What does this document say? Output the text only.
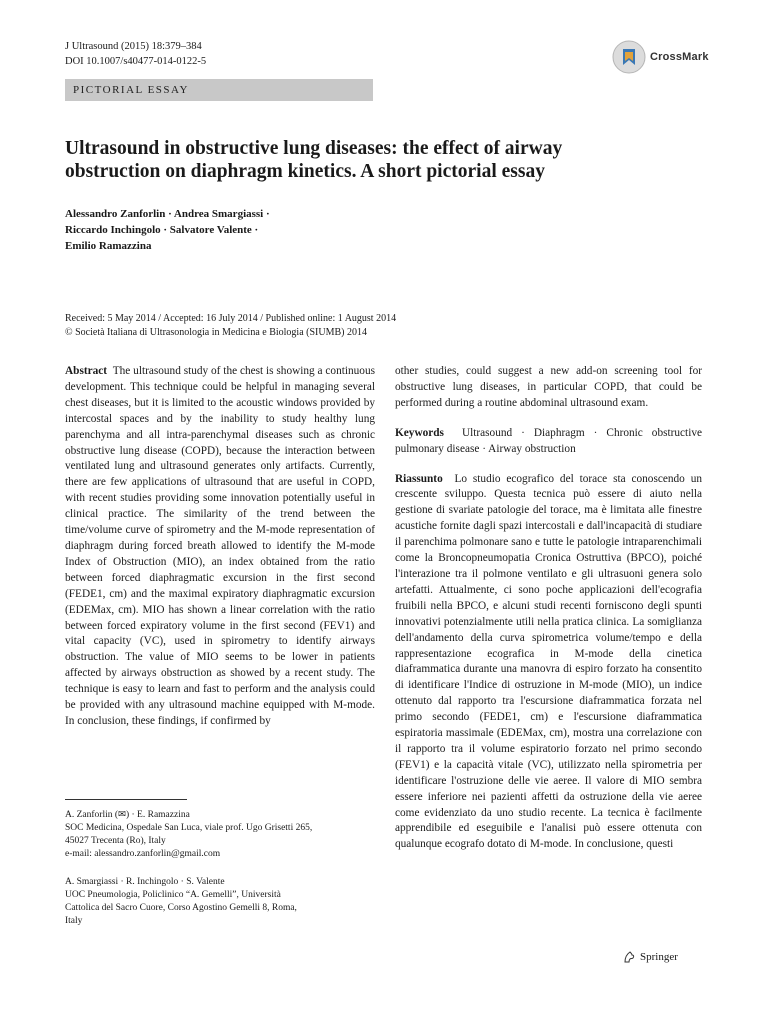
J Ultrasound (2015) 18:379–384
DOI 10.1007/s40477-014-0122-5	CrossMark
PICTORIAL ESSAY
Ultrasound in obstructive lung diseases: the effect of airway
obstruction on diaphragm kinetics. A short pictorial essay
Alessandro Zanforlin · Andrea Smargiassi ·
Riccardo Inchingolo · Salvatore Valente ·
Emilio Ramazzina
Received: 5 May 2014 / Accepted: 16 July 2014 / Published online: 1 August 2014
© Società Italiana di Ultrasonologia in Medicina e Biologia (SIUMB) 2014
Abstract The ultrasound study of the chest is showing a continuous development. This technique could be helpful in managing several chest diseases, but it is limited to the acoustic windows provided by intercostal spaces and by the inability to study healthy lung parenchyma and all intra-parenchymal diseases such as chronic obstructive lung disease (COPD), because the interaction between ventilated lung and ultrasound generates only artifacts. Currently, there are few applications of ultrasound that are useful in COPD, with recent studies providing some innovation potentially useful in clinical practice. The similarity of the trend between the time/volume curve of spirometry and the M-mode representation of diaphragm during forced breath allowed to identify the M-mode Index of Obstruction (MIO), an index obtained from the ratio between forced diaphragmatic excursion in the first second (FEDE1, cm) and the maximal expiratory diaphragmatic excursion (EDEMax, cm). MIO has shown a linear correlation with the ratio between forced expiratory volume in the first second (FEV1) and vital capacity (VC), used in spirometry to identify airways obstruction. The value of MIO seems to be lower in patients affected by airways obstruction as showed by a recent study. The technique is easy to learn and fast to perform and the analysis could be provided with any ultrasound machine equipped with M-mode. In conclusion, these findings, if confirmed by
A. Zanforlin (✉) · E. Ramazzina
SOC Medicina, Ospedale San Luca, viale prof. Ugo Grisetti 265,
45027 Trecenta (Ro), Italy
e-mail: alessandro.zanforlin@gmail.com
A. Smargiassi · R. Inchingolo · S. Valente
UOC Pneumologia, Policlinico “A. Gemelli”, Università
Cattolica del Sacro Cuore, Corso Agostino Gemelli 8, Roma,
Italy
other studies, could suggest a new add-on screening tool for obstructive lung diseases, in particular COPD, that could be performed during a routine abdominal ultrasound exam.
Keywords Ultrasound · Diaphragm · Chronic obstructive pulmonary disease · Airway obstruction
Riassunto Lo studio ecografico del torace sta conoscendo un crescente sviluppo. Questa tecnica può essere di aiuto nella gestione di svariate patologie del torace, ma è limitata alle finestre acustiche fornite dagli spazi intercostali e dall'incapacità di studiare il parenchima polmonare sano e tutte le patologie intraparenchimali come la Broncopneumopatia Cronica Ostruttiva (BPCO), poiché l'interazione tra il polmone ventilato e gli ultrasuoni genera solo artefatti. Attualmente, ci sono poche applicazioni dell'ecografia fruibili nella BPCO, e alcuni studi recenti forniscono degli spunti innovativi potenzialmente utili nella pratica clinica. La somiglianza dell'andamento della curva spirometrica volume/tempo e della rappresentazione ecografica in M-mode della cinetica diaframmatica durante una manovra di espiro forzato ha consentito di identificare l'Indice di ostruzione in M-mode (MIO), un indice ottenuto dal rapporto tra l'escursione diaframmatica forzata nel primo secondo (FEDE1, cm) e l'escursione diaframmatica espiratoria massimale (EDEMax, cm), mostra una correlazione con il rapporto tra il volume espiratorio forzato nel primo secondo (FEV1) e la capacità vitale (VC), utilizzato nella spirometria per identificare l'ostruzione delle vie aeree. Il valore di MIO sembra essere inferiore nei pazienti affetti da ostruzione della vie aeree come evidenziato da uno studio recente. La tecnica è facilmente apprendibile ed eseguibile e l'analisi può essere ottenuta con qualunque ecografo dotato di M-mode. In conclusione, questi
Springer
